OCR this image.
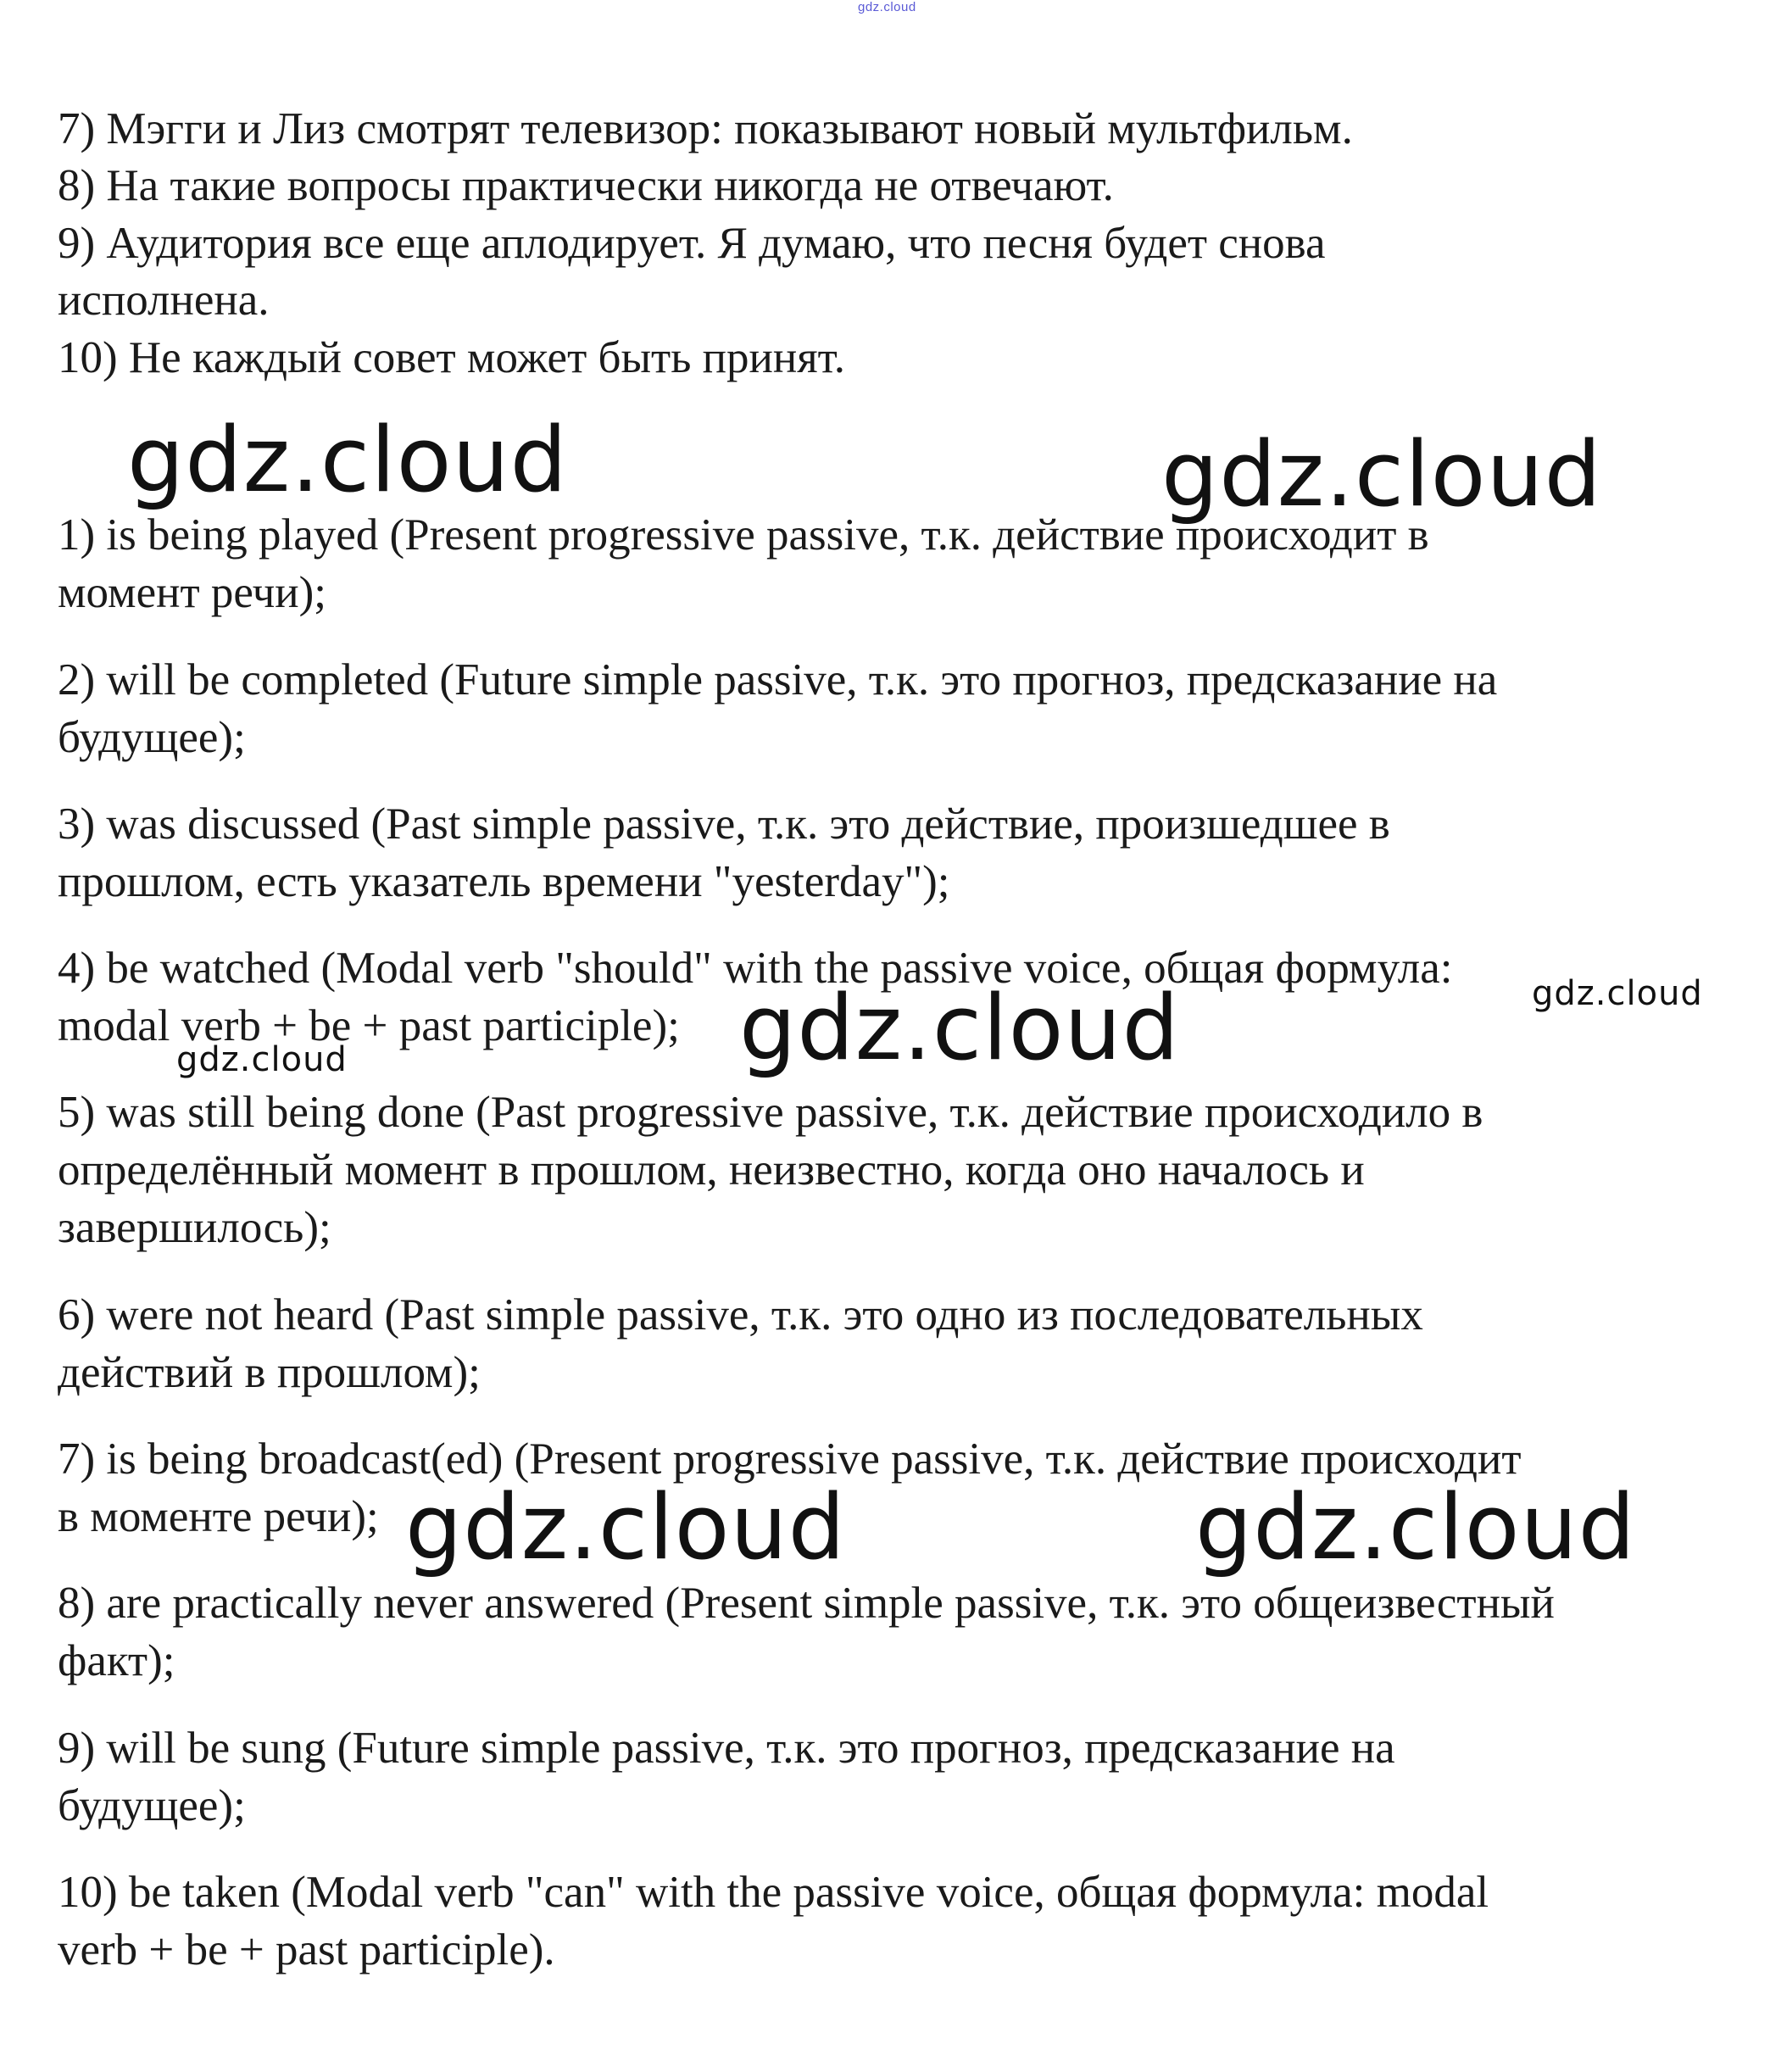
gdz.cloud
7) Мэгги и Лиз смотрят телевизор: показывают новый мультфильм.
8) На такие вопросы практически никогда не отвечают.
9) Аудитория все еще аплодирует. Я думаю, что песня будет снова
исполнена.
10) Не каждый совет может быть принят.
1) is being played (Present progressive passive, т.к. действие происходит в
момент речи);
2) will be completed (Future simple passive, т.к. это прогноз, предсказание на
будущее);
3) was discussed (Past simple passive, т.к. это действие, произшедшее в
прошлом, есть указатель времени "yesterday");
4) be watched (Modal verb "should" with the passive voice, общая формула:
modal verb + be + past participle);
5) was still being done (Past progressive passive, т.к. действие происходило в
определённый момент в прошлом, неизвестно, когда оно началось и
завершилось);
6) were not heard (Past simple passive, т.к. это одно из последовательных
действий в прошлом);
7) is being broadcast(ed) (Present progressive passive, т.к. действие происходит
в моменте речи);
8) are practically never answered (Present simple passive, т.к. это общеизвестный
факт);
9) will be sung (Future simple passive, т.к. это прогноз, предсказание на
будущее);
10) be taken (Modal verb "can" with the passive voice, общая формула: modal
verb + be + past participle).
gdz.cloud	gdz.cloud
gdz.cloud
gdz.cloud	gdz.cloud
gdz.cloud
gdz.cloud
